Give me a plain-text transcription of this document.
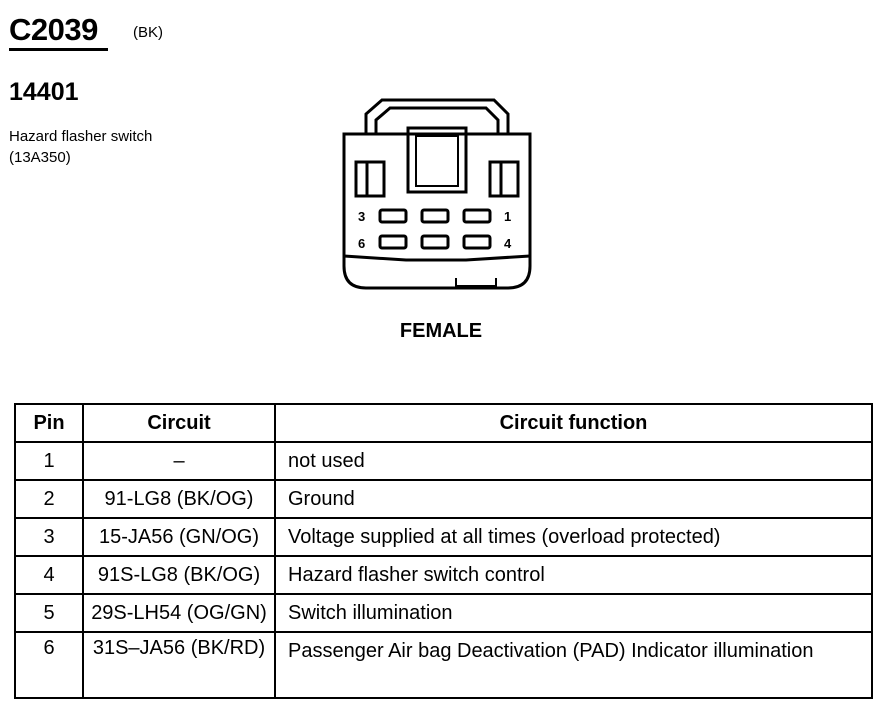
C2039 (BK)
14401
Hazard flasher switch (13A350)
3	1
6	4
FEMALE
Pin	Circuit	Circuit function
1	–	not used
2	91-LG8 (BK/OG)	Ground
3	15-JA56 (GN/OG)	Voltage supplied at all times (overload protected)
4	91S-LG8 (BK/OG)	Hazard flasher switch control
5	29S-LH54 (OG/GN)	Switch illumination
6	31S–JA56 (BK/RD)	Passenger Air bag Deactivation (PAD) Indicator illumination
